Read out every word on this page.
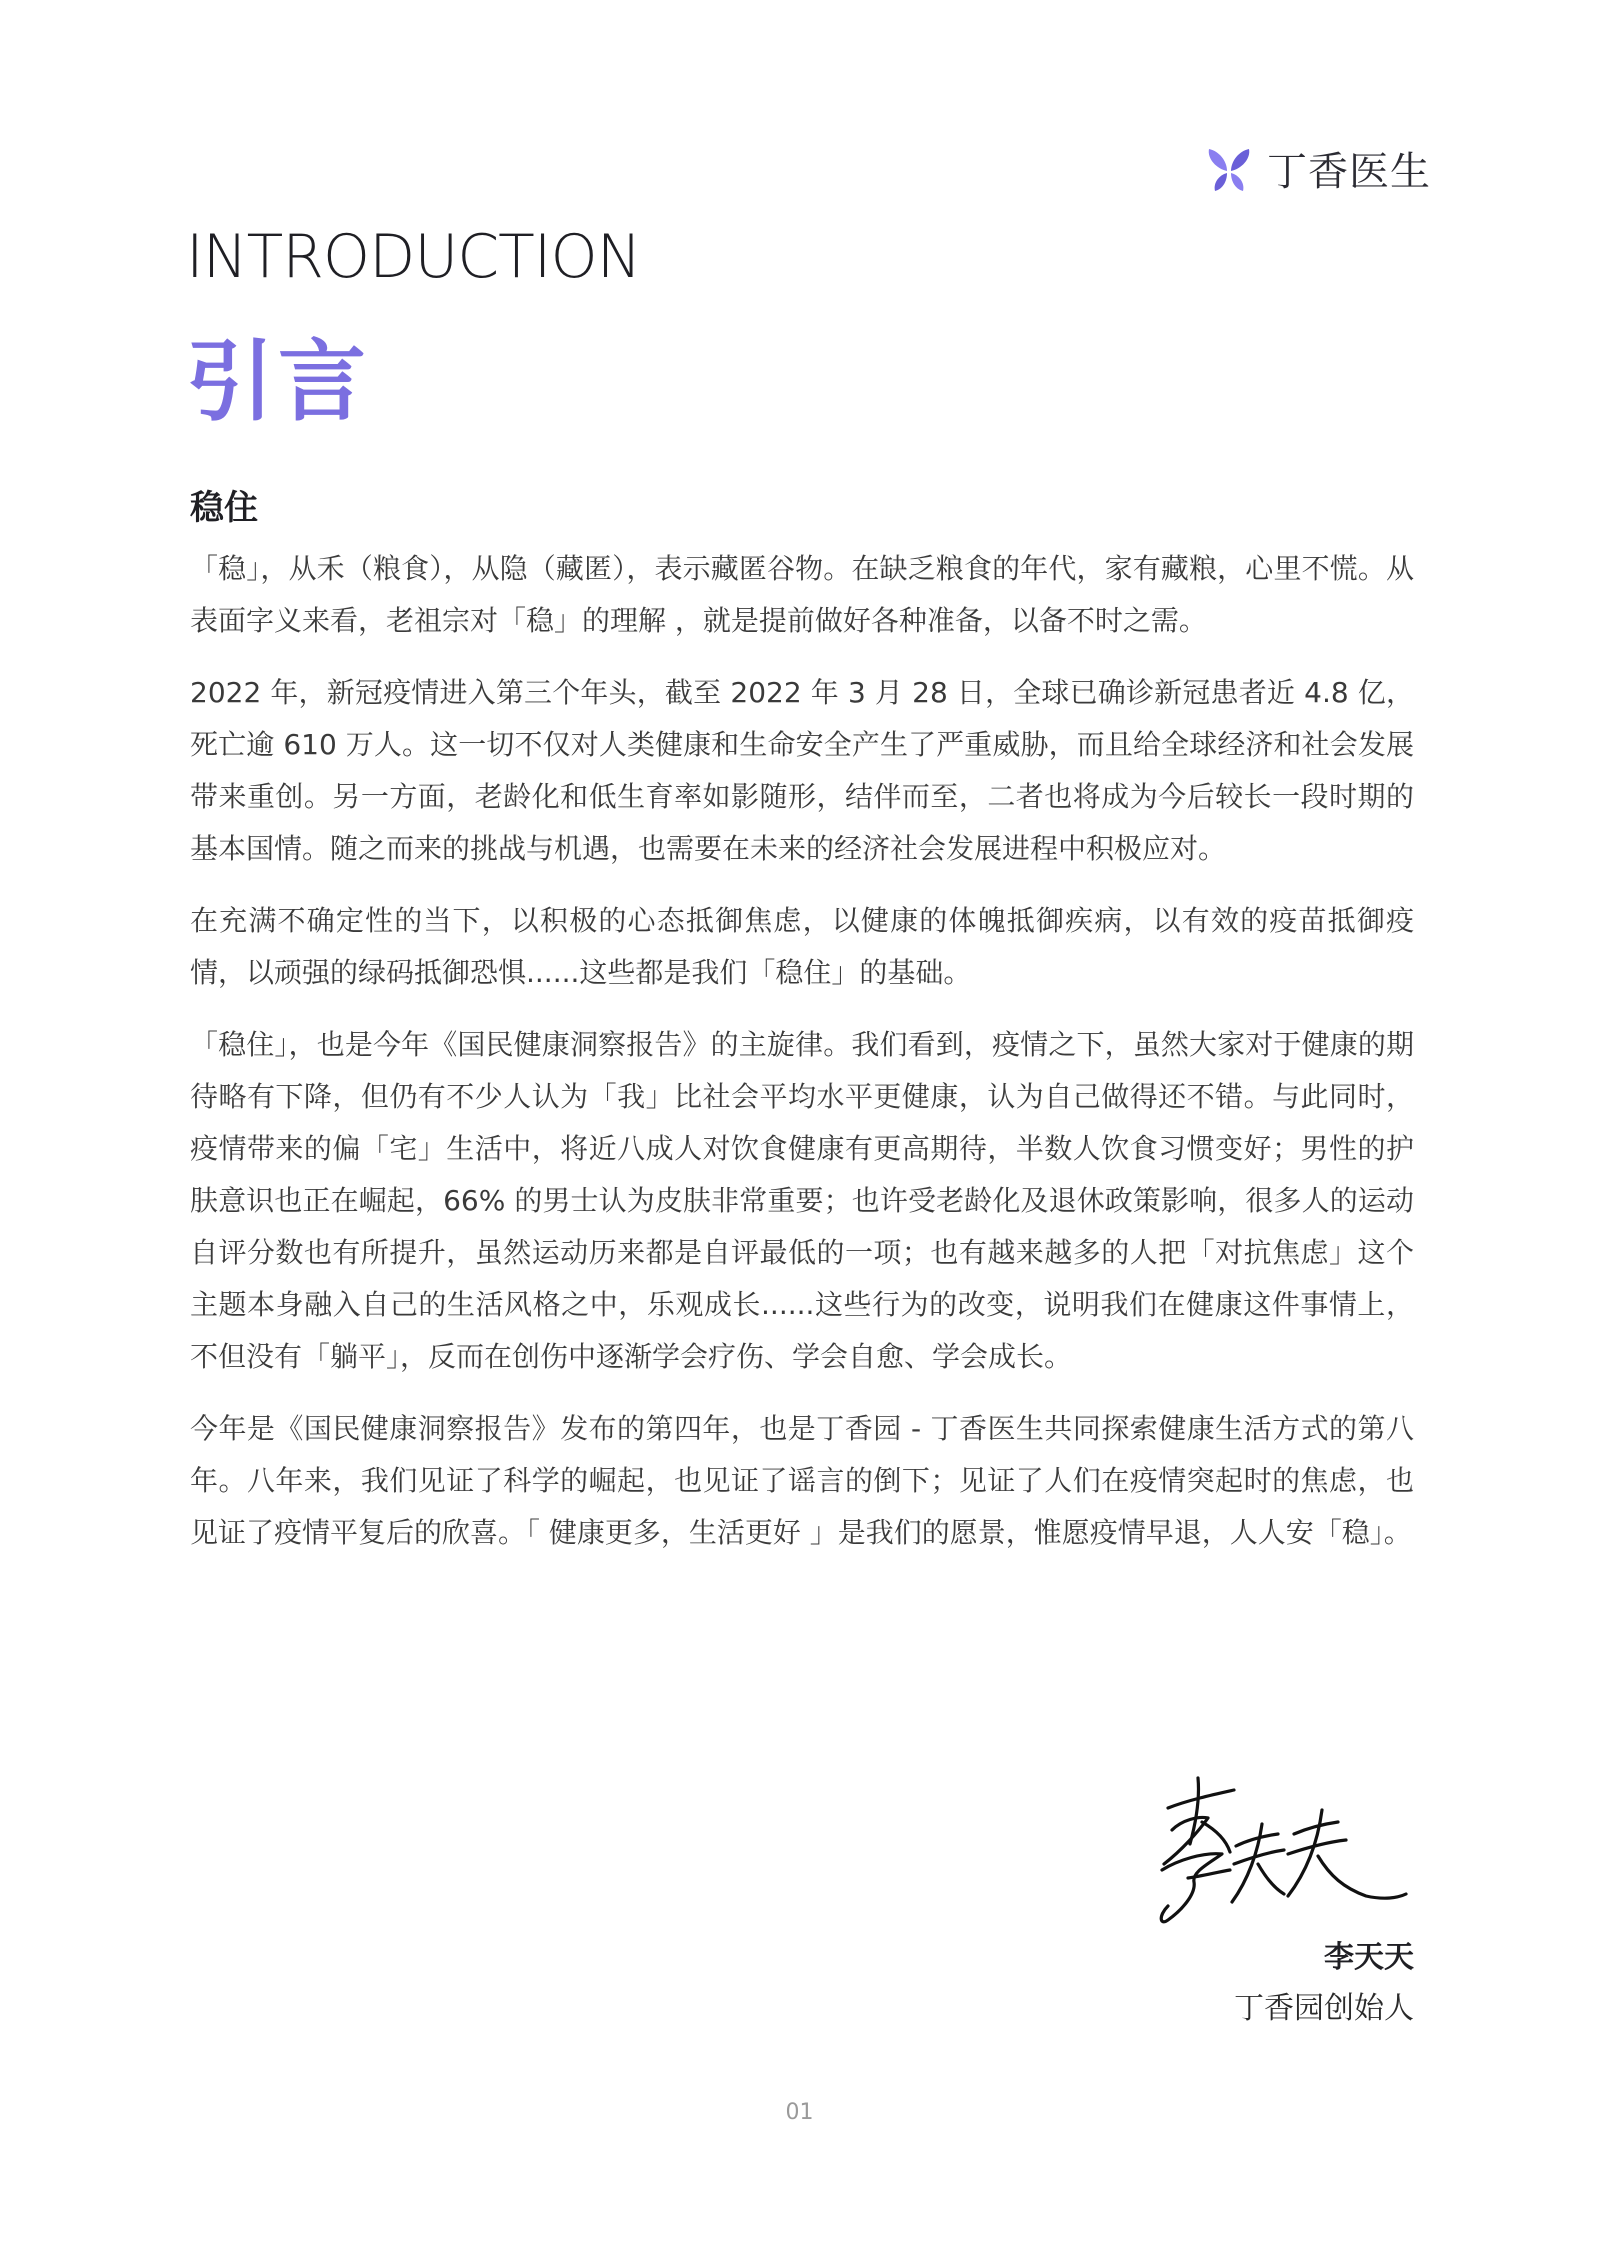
丁香医生
INTRODUCTION
引言
稳住

「稳」，从禾（粮食），从隐（藏匿），表示藏匿谷物。在缺乏粮食的年代，家有藏粮，心里不慌。从表面字义来看，老祖宗对「稳」的理解 ，就是提前做好各种准备，以备不时之需。

2022 年，新冠疫情进入第三个年头，截至 2022 年 3 月 28 日，全球已确诊新冠患者近 4.8 亿，死亡逾 610 万人。这一切不仅对人类健康和生命安全产生了严重威胁，而且给全球经济和社会发展带来重创。另一方面，老龄化和低生育率如影随形，结伴而至，二者也将成为今后较长一段时期的基本国情。随之而来的挑战与机遇，也需要在未来的经济社会发展进程中积极应对。

在充满不确定性的当下，以积极的心态抵御焦虑，以健康的体魄抵御疾病，以有效的疫苗抵御疫情，以顽强的绿码抵御恐惧......这些都是我们「稳住」的基础。

「稳住」，也是今年《国民健康洞察报告》的主旋律。我们看到，疫情之下，虽然大家对于健康的期待略有下降，但仍有不少人认为「我」比社会平均水平更健康，认为自己做得还不错。与此同时，疫情带来的偏「宅」生活中，将近八成人对饮食健康有更高期待，半数人饮食习惯变好；男性的护肤意识也正在崛起，66% 的男士认为皮肤非常重要；也许受老龄化及退休政策影响，很多人的运动自评分数也有所提升，虽然运动历来都是自评最低的一项；也有越来越多的人把「对抗焦虑」这个主题本身融入自己的生活风格之中，乐观成长......这些行为的改变，说明我们在健康这件事情上，不但没有「躺平」，反而在创伤中逐渐学会疗伤、学会自愈、学会成长。

今年是《国民健康洞察报告》发布的第四年，也是丁香园 - 丁香医生共同探索健康生活方式的第八年。八年来，我们见证了科学的崛起，也见证了谣言的倒下；见证了人们在疫情突起时的焦虑，也见证了疫情平复后的欣喜。「 健康更多，生活更好 」是我们的愿景，惟愿疫情早退，人人安「稳」。

李天天
丁香园创始人
01
